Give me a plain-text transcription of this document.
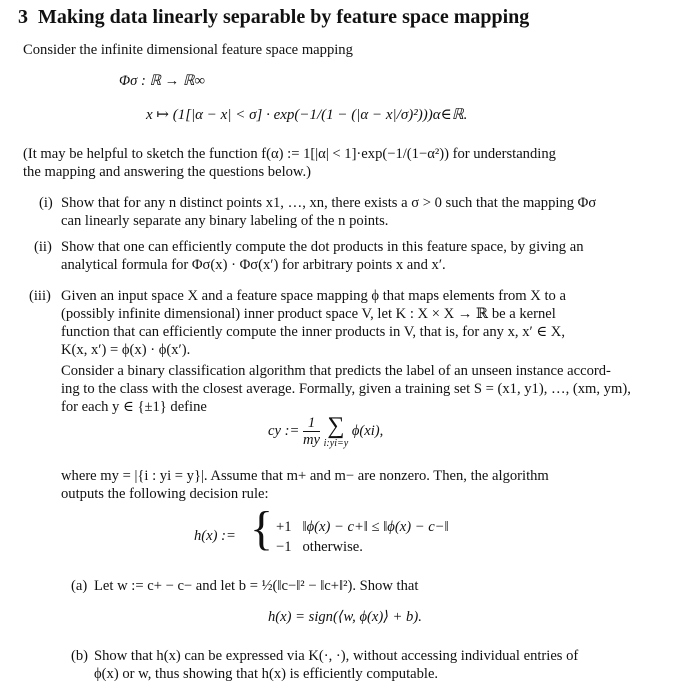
3 Making data linearly separable by feature space mapping
Consider the infinite dimensional feature space mapping
Φσ : ℝ → ℝ∞
x ↦ (1[|α − x| < σ] · exp(−1/(1 − (|α − x|/σ)²)))α∈ℝ.
(It may be helpful to sketch the function f(α) := 1[|α| < 1]·exp(−1/(1−α²)) for understanding
the mapping and answering the questions below.)
(i) Show that for any n distinct points x1, …, xn, there exists a σ > 0 such that the mapping Φσ
can linearly separate any binary labeling of the n points.
(ii) Show that one can efficiently compute the dot products in this feature space, by giving an
analytical formula for Φσ(x) · Φσ(x′) for arbitrary points x and x′.
(iii) Given an input space X and a feature space mapping ϕ that maps elements from X to a
(possibly infinite dimensional) inner product space V, let K : X × X → ℝ be a kernel
function that can efficiently compute the inner products in V, that is, for any x, x′ ∈ X,
K(x, x′) = ϕ(x) · ϕ(x′).
Consider a binary classification algorithm that predicts the label of an unseen instance accord-
ing to the class with the closest average. Formally, given a training set S = (x1, y1), …, (xm, ym),
for each y ∈ {±1} define
cy := $\frac{1}{my}$
∑
i:yi=y
ϕ(xi),
where my = |{i : yi = y}|. Assume that m+ and m− are nonzero. Then, the algorithm
outputs the following decision rule:
h(x) := { +1 ‖ϕ(x) − c+‖ ≤ ‖ϕ(x) − c−‖
−1 otherwise.
(a) Let w := c+ − c− and let b = ½(‖c−‖² − ‖c+‖²). Show that
h(x) = sign(⟨w, ϕ(x)⟩ + b).
(b) Show that h(x) can be expressed via K(·, ·), without accessing individual entries of
ϕ(x) or w, thus showing that h(x) is efficiently computable.
